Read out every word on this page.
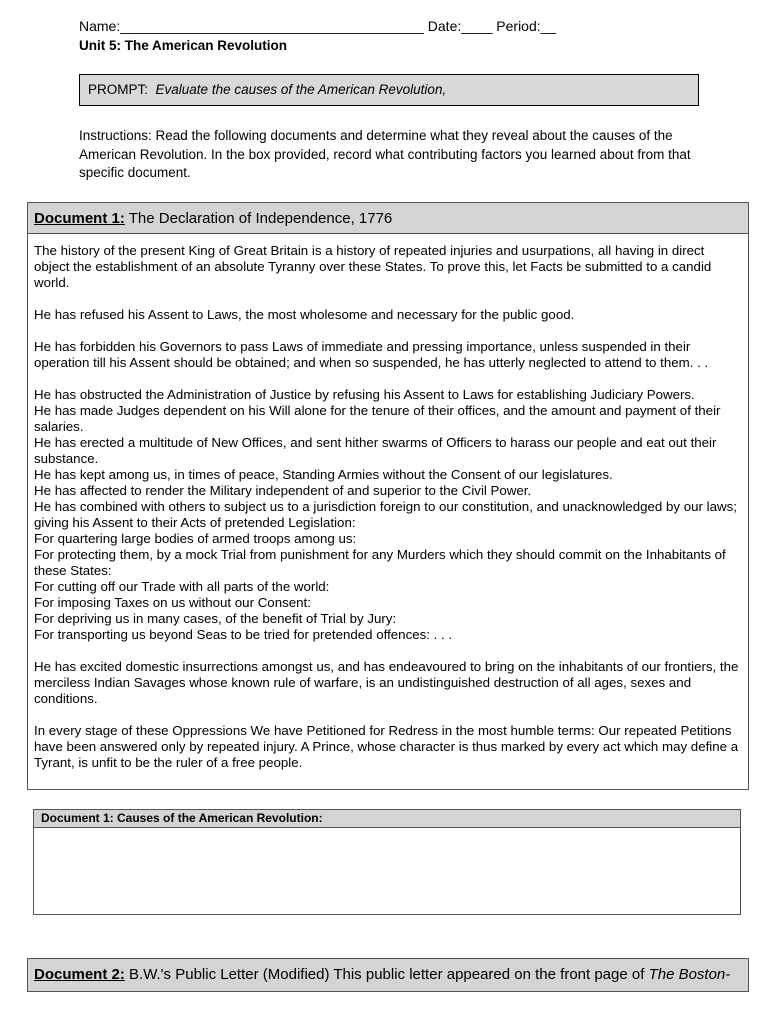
Name:_______________________________________ Date:____ Period:__
Unit 5: The American Revolution
PROMPT: Evaluate the causes of the American Revolution,
Instructions: Read the following documents and determine what they reveal about the causes of the American Revolution. In the box provided, record what contributing factors you learned about from that specific document.
Document 1: The Declaration of Independence, 1776

The history of the present King of Great Britain is a history of repeated injuries and usurpations, all having in direct object the establishment of an absolute Tyranny over these States. To prove this, let Facts be submitted to a candid world.

He has refused his Assent to Laws, the most wholesome and necessary for the public good.

He has forbidden his Governors to pass Laws of immediate and pressing importance, unless suspended in their operation till his Assent should be obtained; and when so suspended, he has utterly neglected to attend to them. . .

He has obstructed the Administration of Justice by refusing his Assent to Laws for establishing Judiciary Powers.
He has made Judges dependent on his Will alone for the tenure of their offices, and the amount and payment of their salaries.
He has erected a multitude of New Offices, and sent hither swarms of Officers to harass our people and eat out their substance.
He has kept among us, in times of peace, Standing Armies without the Consent of our legislatures.
He has affected to render the Military independent of and superior to the Civil Power.
He has combined with others to subject us to a jurisdiction foreign to our constitution, and unacknowledged by our laws; giving his Assent to their Acts of pretended Legislation:
For quartering large bodies of armed troops among us:
For protecting them, by a mock Trial from punishment for any Murders which they should commit on the Inhabitants of these States:
For cutting off our Trade with all parts of the world:
For imposing Taxes on us without our Consent:
For depriving us in many cases, of the benefit of Trial by Jury:
For transporting us beyond Seas to be tried for pretended offences: . . .

He has excited domestic insurrections amongst us, and has endeavoured to bring on the inhabitants of our frontiers, the merciless Indian Savages whose known rule of warfare, is an undistinguished destruction of all ages, sexes and conditions.

In every stage of these Oppressions We have Petitioned for Redress in the most humble terms: Our repeated Petitions have been answered only by repeated injury. A Prince, whose character is thus marked by every act which may define a Tyrant, is unfit to be the ruler of a free people.

Document 1: Causes of the American Revolution:
Document 2: B.W.'s Public Letter (Modified) This public letter appeared on the front page of The Boston-
